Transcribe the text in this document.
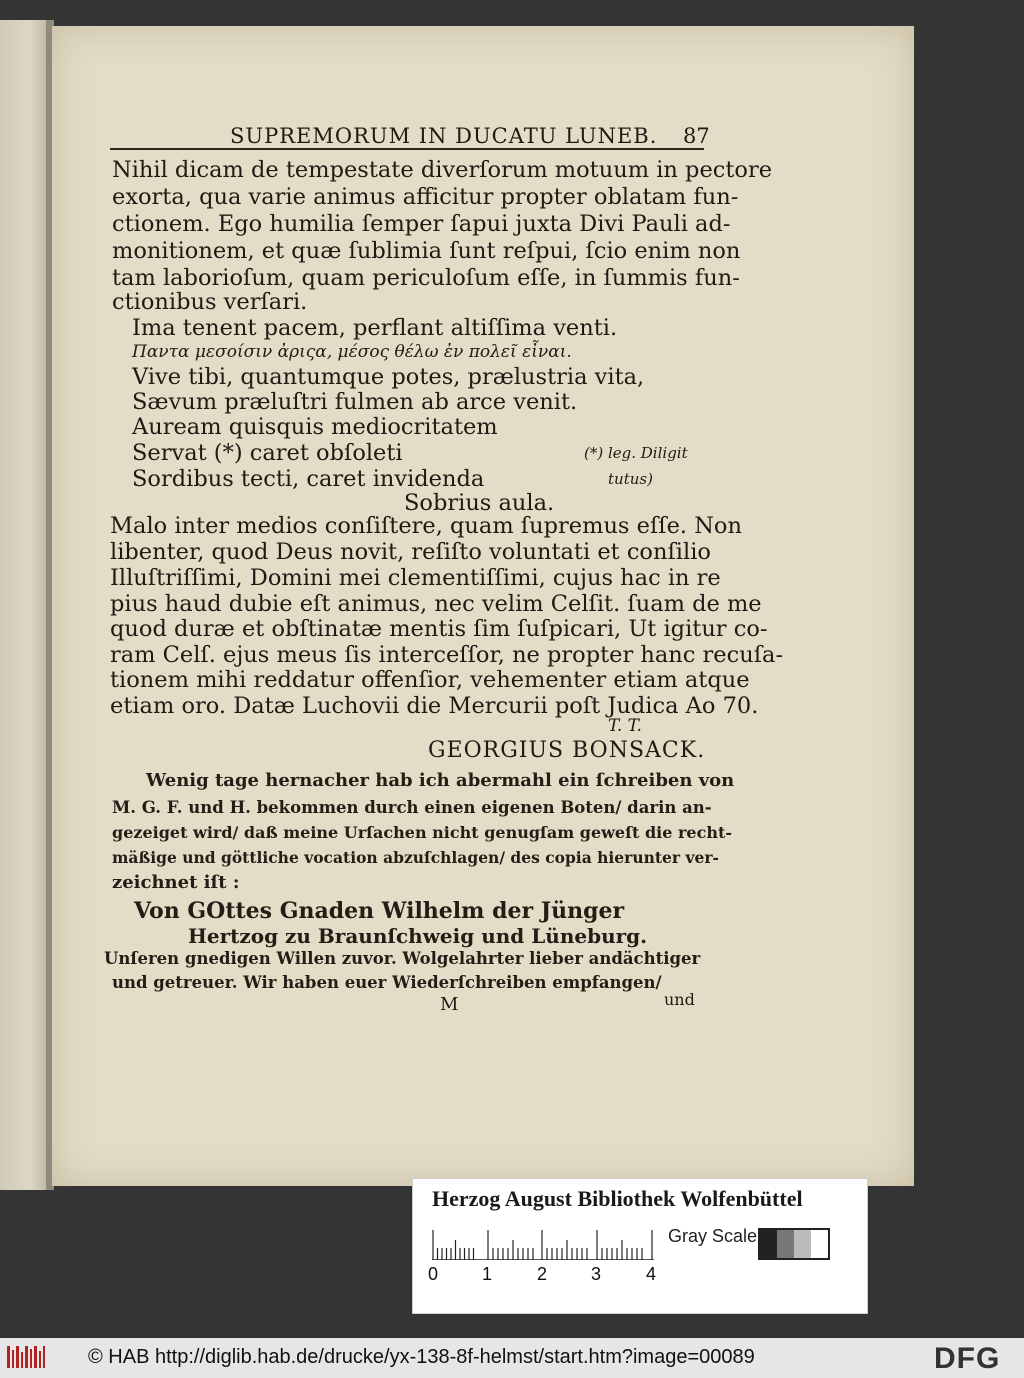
SUPREMORUM IN DUCATU LUNEB. 87
Nihil dicam de tempestate diverſorum motuum in pectore
exorta, qua varie animus afficitur propter oblatam fun-
ctionem. Ego humilia ſemper ſapui juxta Divi Pauli ad-
monitionem, et quæ ſublimia ſunt reſpui, ſcio enim non
tam laborioſum, quam periculoſum eſſe, in ſummis fun-
ctionibus verſari.
Ima tenent pacem, perflant altiſſima venti.
Παντα μεσοίσιν ἀριςα, μέσος θέλω ἐν πολεῖ εἶναι.
Vive tibi, quantumque potes, prælustria vita,
Sævum præluſtri fulmen ab arce venit.
Auream quisquis mediocritatem
Servat (*) caret obſoleti
Sordibus tecti, caret invidenda
Sobrius aula.
(*) leg. Diligit
tutus)
Malo inter medios conſiſtere, quam ſupremus eſſe. Non
libenter, quod Deus novit, reſiſto voluntati et conſilio
Illuſtriſſimi, Domini mei clementiſſimi, cujus hac in re
pius haud dubie eſt animus, nec velim Celſit. ſuam de me
quod duræ et obſtinatæ mentis ſim ſuſpicari, Ut igitur co-
ram Celſ. ejus meus ſis interceſſor, ne propter hanc recuſa-
tionem mihi reddatur offenſior, vehementer etiam atque
etiam oro. Datæ Luchovii die Mercurii poſt Judica Ao 70.
T. T.
GEORGIUS BONSACK.
Wenig tage hernacher hab ich abermahl ein ſchreiben von
M. G. F. und H. bekommen durch einen eigenen Boten/ darin an-
gezeiget wird/ daß meine Urſachen nicht genugſam geweſt die recht-
mäßige und göttliche vocation abzuſchlagen/ des copia hierunter ver-
zeichnet iſt :
Von GOttes Gnaden Wilhelm der Jünger
Hertzog zu Braunſchweig und Lüneburg.
Unſeren gnedigen Willen zuvor. Wolgelahrter lieber andächtiger
und getreuer. Wir haben euer Wiederſchreiben empfangen/
M	und
Herzog August Bibliothek Wolfenbüttel
0 1 2 3 4
Gray Scale
© HAB http://diglib.hab.de/drucke/yx-138-8f-helmst/start.htm?image=00089	DFG
